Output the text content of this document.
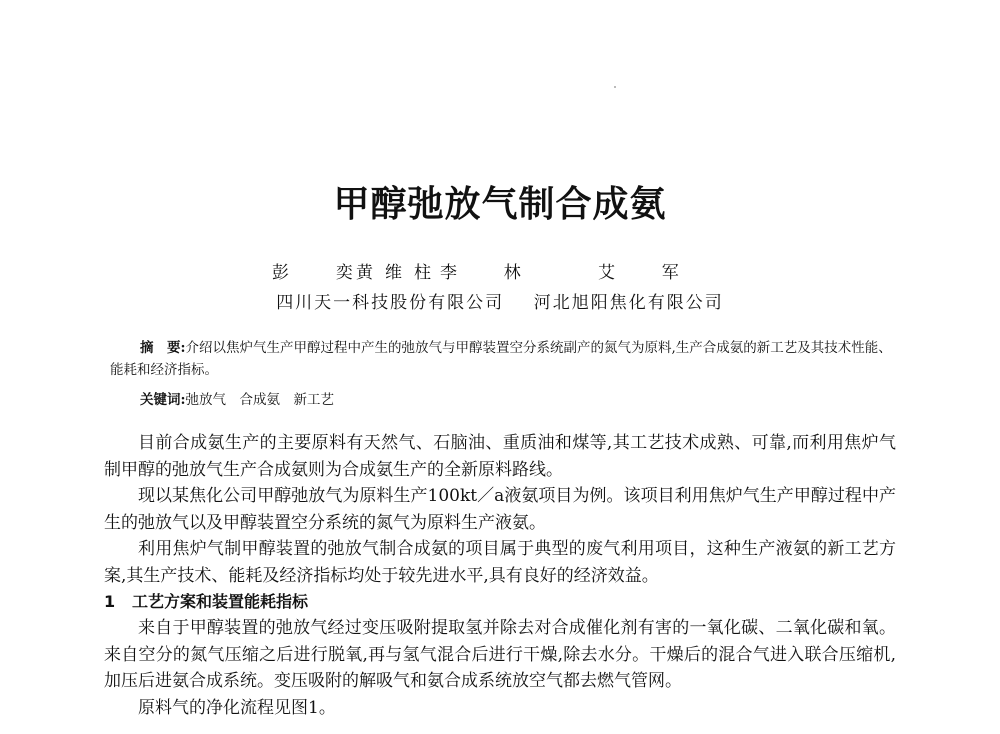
甲醇弛放气制合成氨

彭  奕

黄维柱

李  林

	艾  军

四川天一科技股份有限公司    河北旭阳焦化有限公司
摘　要:介绍以焦炉气生产甲醇过程中产生的弛放气与甲醇装置空分系统副产的氮气为原料,生产合成氨的新工艺及其技术性能、能耗和经济指标。
关键词:弛放气　合成氨　新工艺

目前合成氨生产的主要原料有天然气、石脑油、重质油和煤等,其工艺技术成熟、可靠,而利用焦炉气制甲醇的弛放气生产合成氨则为合成氨生产的全新原料路线。

现以某焦化公司甲醇弛放气为原料生产100kt／a液氨项目为例。该项目利用焦炉气生产甲醇过程中产生的弛放气以及甲醇装置空分系统的氮气为原料生产液氨。

利用焦炉气制甲醇装置的弛放气制合成氨的项目属于典型的废气利用项目，这种生产液氨的新工艺方案,其生产技术、能耗及经济指标均处于较先进水平,具有良好的经济效益。

1 工艺方案和装置能耗指标

来自于甲醇装置的弛放气经过变压吸附提取氢并除去对合成催化剂有害的一氧化碳、二氧化碳和氧。来自空分的氮气压缩之后进行脱氧,再与氢气混合后进行干燥,除去水分。干燥后的混合气进入联合压缩机,加压后进氨合成系统。变压吸附的解吸气和氨合成系统放空气都去燃气管网。

原料气的净化流程见图1。
